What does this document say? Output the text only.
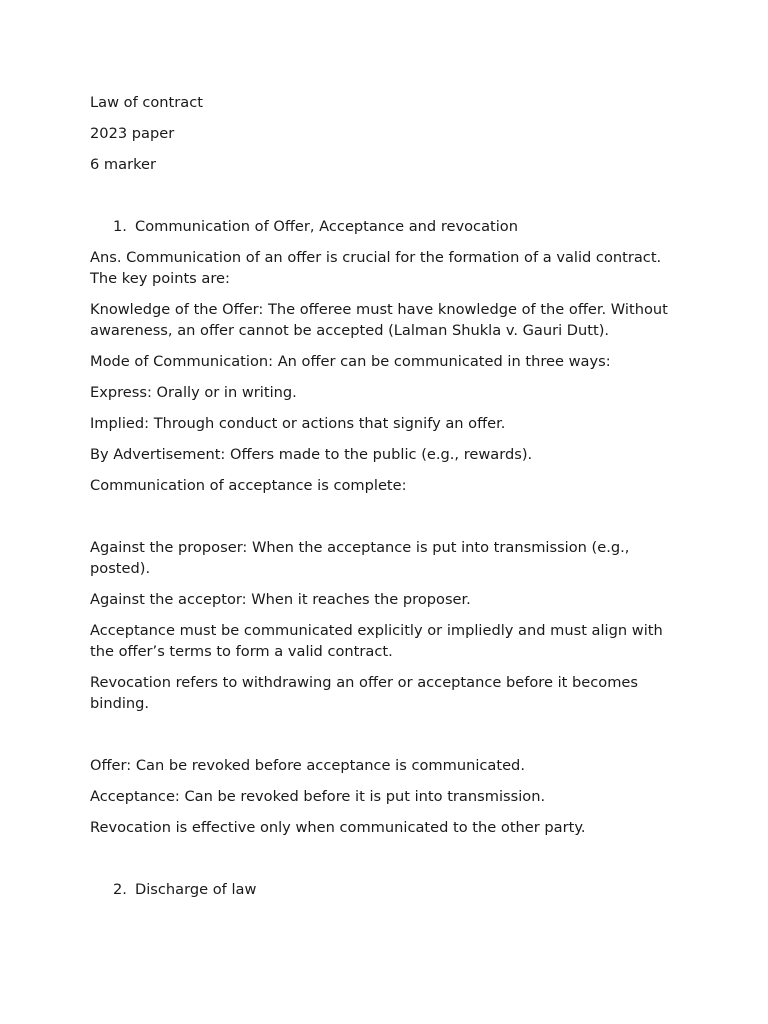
Law of contract

2023 paper

6 marker

1. Communication of Offer, Acceptance and revocation

Ans. Communication of an offer is crucial for the formation of a valid contract. The key points are:

Knowledge of the Offer: The offeree must have knowledge of the offer. Without awareness, an offer cannot be accepted (Lalman Shukla v. Gauri Dutt).

Mode of Communication: An offer can be communicated in three ways:

Express: Orally or in writing.

Implied: Through conduct or actions that signify an offer.

By Advertisement: Offers made to the public (e.g., rewards).

Communication of acceptance is complete:

Against the proposer: When the acceptance is put into transmission (e.g., posted).

Against the acceptor: When it reaches the proposer.

Acceptance must be communicated explicitly or impliedly and must align with the offer’s terms to form a valid contract.

Revocation refers to withdrawing an offer or acceptance before it becomes binding.

Offer: Can be revoked before acceptance is communicated.

Acceptance: Can be revoked before it is put into transmission.

Revocation is effective only when communicated to the other party.

2. Discharge of law
